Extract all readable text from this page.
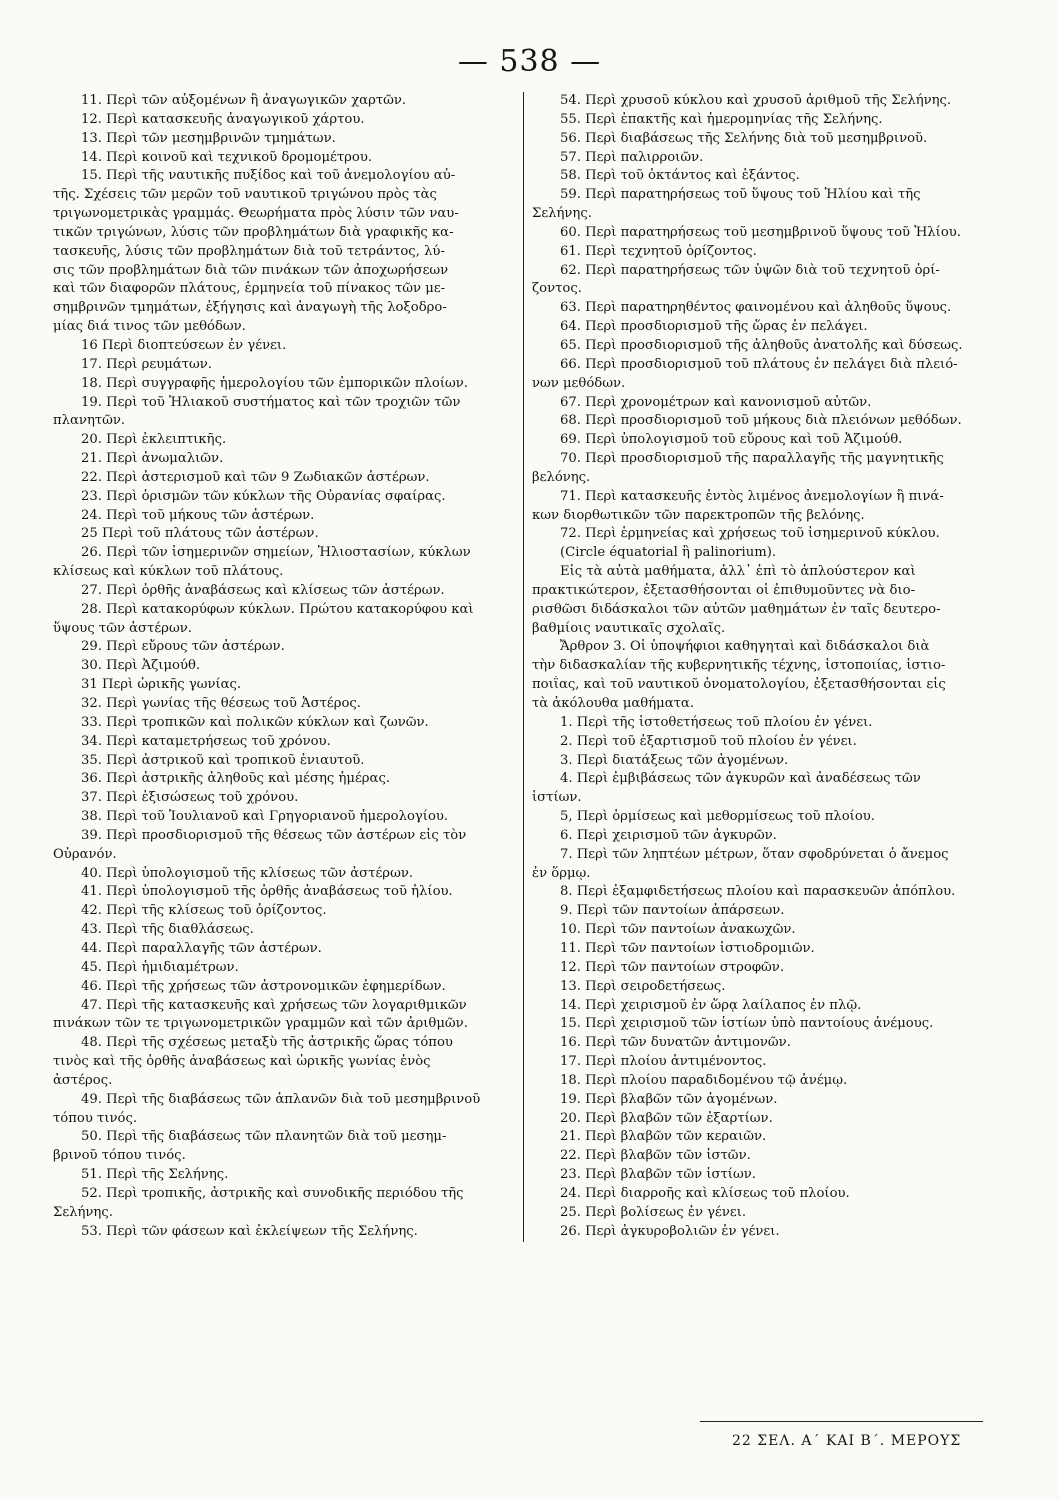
— 538 —
11. Περὶ τῶν αὐξομένων ἢ ἀναγωγικῶν χαρτῶν.
12. Περὶ κατασκευῆς ἀναγωγικοῦ χάρτου.
13. Περὶ τῶν μεσημβρινῶν τμημάτων.
14. Περὶ κοινοῦ καὶ τεχνικοῦ δρομομέτρου.
15. Περὶ τῆς ναυτικῆς πυξίδος καὶ τοῦ ἀνεμολογίου αὐ-
τῆς. Σχέσεις τῶν μερῶν τοῦ ναυτικοῦ τριγώνου πρὸς τὰς
τριγωνομετρικὰς γραμμάς. Θεωρήματα πρὸς λύσιν τῶν ναυ-
τικῶν τριγώνων, λύσις τῶν προβλημάτων διὰ γραφικῆς κα-
τασκευῆς, λύσις τῶν προβλημάτων διὰ τοῦ τετράντος, λύ-
σις τῶν προβλημάτων διὰ τῶν πινάκων τῶν ἀποχωρήσεων
καὶ τῶν διαφορῶν πλάτους, ἑρμηνεία τοῦ πίνακος τῶν με-
σημβρινῶν τμημάτων, ἐξήγησις καὶ ἀναγωγὴ τῆς λοξοδρο-
μίας διά τινος τῶν μεθόδων.
16 Περὶ διοπτεύσεων ἐν γένει.
17. Περὶ ρευμάτων.
18. Περὶ συγγραφῆς ἡμερολογίου τῶν ἐμπορικῶν πλοίων.
19. Περὶ τοῦ Ἡλιακοῦ συστήματος καὶ τῶν τροχιῶν τῶν
πλανητῶν.
20. Περὶ ἐκλειπτικῆς.
21. Περὶ ἀνωμαλιῶν.
22. Περὶ ἀστερισμοῦ καὶ τῶν 9 Ζωδιακῶν ἀστέρων.
23. Περὶ ὁρισμῶν τῶν κύκλων τῆς Οὐρανίας σφαίρας.
24. Περὶ τοῦ μήκους τῶν ἀστέρων.
25 Περὶ τοῦ πλάτους τῶν ἀστέρων.
26. Περὶ τῶν ἰσημερινῶν σημείων, Ἡλιοστασίων, κύκλων
κλίσεως καὶ κύκλων τοῦ πλάτους.
27. Περὶ ὀρθῆς ἀναβάσεως καὶ κλίσεως τῶν ἀστέρων.
28. Περὶ κατακορύφων κύκλων. Πρώτου κατακορύφου καὶ
ὕψους τῶν ἀστέρων.
29. Περὶ εὔρους τῶν ἀστέρων.
30. Περὶ Ἀζιμούθ.
31 Περὶ ὡρικῆς γωνίας.
32. Περὶ γωνίας τῆς θέσεως τοῦ Ἀστέρος.
33. Περὶ τροπικῶν καὶ πολικῶν κύκλων καὶ ζωνῶν.
34. Περὶ καταμετρήσεως τοῦ χρόνου.
35. Περὶ ἀστρικοῦ καὶ τροπικοῦ ἐνιαυτοῦ.
36. Περὶ ἀστρικῆς ἀληθοῦς καὶ μέσης ἡμέρας.
37. Περὶ ἐξισώσεως τοῦ χρόνου.
38. Περὶ τοῦ Ἰουλιανοῦ καὶ Γρηγοριανοῦ ἡμερολογίου.
39. Περὶ προσδιορισμοῦ τῆς θέσεως τῶν ἀστέρων εἰς τὸν
Οὐρανόν.
40. Περὶ ὑπολογισμοῦ τῆς κλίσεως τῶν ἀστέρων.
41. Περὶ ὑπολογισμοῦ τῆς ὀρθῆς ἀναβάσεως τοῦ ἡλίου.
42. Περὶ τῆς κλίσεως τοῦ ὁρίζοντος.
43. Περὶ τῆς διαθλάσεως.
44. Περὶ παραλλαγῆς τῶν ἀστέρων.
45. Περὶ ἡμιδιαμέτρων.
46. Περὶ τῆς χρήσεως τῶν ἀστρονομικῶν ἐφημερίδων.
47. Περὶ τῆς κατασκευῆς καὶ χρήσεως τῶν λογαριθμικῶν
πινάκων τῶν τε τριγωνομετρικῶν γραμμῶν καὶ τῶν ἀριθμῶν.
48. Περὶ τῆς σχέσεως μεταξὺ τῆς ἀστρικῆς ὥρας τόπου
τινὸς καὶ τῆς ὀρθῆς ἀναβάσεως καὶ ὡρικῆς γωνίας ἑνὸς
ἀστέρος.
49. Περὶ τῆς διαβάσεως τῶν ἀπλανῶν διὰ τοῦ μεσημβρινοῦ
τόπου τινός.
50. Περὶ τῆς διαβάσεως τῶν πλανητῶν διὰ τοῦ μεσημ-
βρινοῦ τόπου τινός.
51. Περὶ τῆς Σελήνης.
52. Περὶ τροπικῆς, ἀστρικῆς καὶ συνοδικῆς περιόδου τῆς
Σελήνης.
53. Περὶ τῶν φάσεων καὶ ἐκλείψεων τῆς Σελήνης.
54. Περὶ χρυσοῦ κύκλου καὶ χρυσοῦ ἀριθμοῦ τῆς Σελήνης.
55. Περὶ ἐπακτῆς καὶ ἡμερομηνίας τῆς Σελήνης.
56. Περὶ διαβάσεως τῆς Σελήνης διὰ τοῦ μεσημβρινοῦ.
57. Περὶ παλιρροιῶν.
58. Περὶ τοῦ ὀκτάντος καὶ ἑξάντος.
59. Περὶ παρατηρήσεως τοῦ ὕψους τοῦ Ἡλίου καὶ τῆς
Σελήνης.
60. Περὶ παρατηρήσεως τοῦ μεσημβρινοῦ ὕψους τοῦ Ἡλίου.
61. Περὶ τεχνητοῦ ὁρίζοντος.
62. Περὶ παρατηρήσεως τῶν ὑψῶν διὰ τοῦ τεχνητοῦ ὁρί-
ζοντος.
63. Περὶ παρατηρηθέντος φαινομένου καὶ ἀληθοῦς ὕψους.
64. Περὶ προσδιορισμοῦ τῆς ὥρας ἐν πελάγει.
65. Περὶ προσδιορισμοῦ τῆς ἀληθοῦς ἀνατολῆς καὶ δύσεως.
66. Περὶ προσδιορισμοῦ τοῦ πλάτους ἐν πελάγει διὰ πλειό-
νων μεθόδων.
67. Περὶ χρονομέτρων καὶ κανονισμοῦ αὐτῶν.
68. Περὶ προσδιορισμοῦ τοῦ μήκους διὰ πλειόνων μεθόδων.
69. Περὶ ὑπολογισμοῦ τοῦ εὔρους καὶ τοῦ Ἀζιμούθ.
70. Περὶ προσδιορισμοῦ τῆς παραλλαγῆς τῆς μαγνητικῆς
βελόνης.
71. Περὶ κατασκευῆς ἐντὸς λιμένος ἀνεμολογίων ἢ πινά-
κων διορθωτικῶν τῶν παρεκτροπῶν τῆς βελόνης.
72. Περὶ ἑρμηνείας καὶ χρήσεως τοῦ ἰσημερινοῦ κύκλου.
(Circle équatorial ἢ palinorium).
Εἰς τὰ αὐτὰ μαθήματα, ἀλλ᾽ ἐπὶ τὸ ἁπλούστερον καὶ
πρακτικώτερον, ἐξετασθήσονται οἱ ἐπιθυμοῦντες νὰ διο-
ρισθῶσι διδάσκαλοι τῶν αὐτῶν μαθημάτων ἐν ταῖς δευτερο-
βαθμίοις ναυτικαῖς σχολαῖς.
Ἄρθρον 3. Οἱ ὑποψήφιοι καθηγηταὶ καὶ διδάσκαλοι διὰ
τὴν διδασκαλίαν τῆς κυβερνητικῆς τέχνης, ἱστοποιίας, ἱστιο-
ποιΐας, καὶ τοῦ ναυτικοῦ ὀνοματολογίου, ἐξετασθήσονται εἰς
τὰ ἀκόλουθα μαθήματα.
1. Περὶ τῆς ἱστοθετήσεως τοῦ πλοίου ἐν γένει.
2. Περὶ τοῦ ἐξαρτισμοῦ τοῦ πλοίου ἐν γένει.
3. Περὶ διατάξεως τῶν ἀγομένων.
4. Περὶ ἐμβιβάσεως τῶν ἀγκυρῶν καὶ ἀναδέσεως τῶν
ἱστίων.
5, Περὶ ὁρμίσεως καὶ μεθορμίσεως τοῦ πλοίου.
6. Περὶ χειρισμοῦ τῶν ἀγκυρῶν.
7. Περὶ τῶν ληπτέων μέτρων, ὅταν σφοδρύνεται ὁ ἄνεμος
ἐν ὅρμῳ.
8. Περὶ ἐξαμφιδετήσεως πλοίου καὶ παρασκευῶν ἀπόπλου.
9. Περὶ τῶν παντοίων ἀπάρσεων.
10. Περὶ τῶν παντοίων ἀνακωχῶν.
11. Περὶ τῶν παντοίων ἱστιοδρομιῶν.
12. Περὶ τῶν παντοίων στροφῶν.
13. Περὶ σειροδετήσεως.
14. Περὶ χειρισμοῦ ἐν ὥρᾳ λαίλαπος ἐν πλῷ.
15. Περὶ χειρισμοῦ τῶν ἱστίων ὑπὸ παντοίους ἀνέμους.
16. Περὶ τῶν δυνατῶν ἀντιμονῶν.
17. Περὶ πλοίου ἀντιμένοντος.
18. Περὶ πλοίου παραδιδομένου τῷ ἀνέμῳ.
19. Περὶ βλαβῶν τῶν ἀγομένων.
20. Περὶ βλαβῶν τῶν ἐξαρτίων.
21. Περὶ βλαβῶν τῶν κεραιῶν.
22. Περὶ βλαβῶν τῶν ἱστῶν.
23. Περὶ βλαβῶν τῶν ἱστίων.
24. Περὶ διαρροῆς καὶ κλίσεως τοῦ πλοίου.
25. Περὶ βολίσεως ἐν γένει.
26. Περὶ ἀγκυροβολιῶν ἐν γένει.
22 ΣΕΛ. Α΄ ΚΑΙ Β΄. ΜΕΡΟΥΣ
